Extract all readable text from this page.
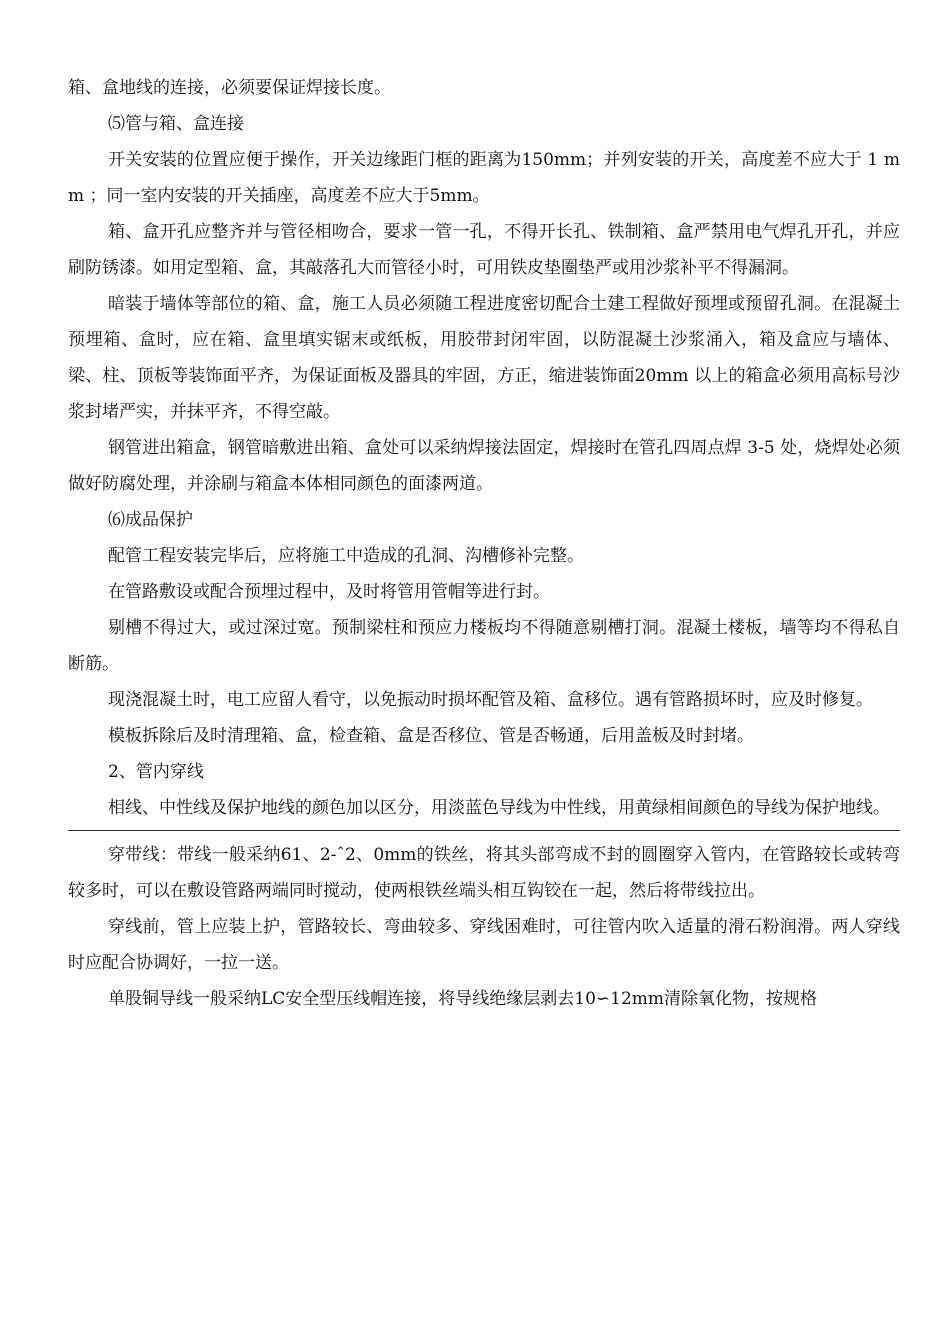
箱、盒地线的连接，必须要保证焊接长度。

⑸管与箱、盒连接

开关安装的位置应便于操作，开关边缘距门框的距离为150mm；并列安装的开关，高度差不应大于 1 mm ；同一室内安装的开关插座，高度差不应大于5mm。

箱、盒开孔应整齐并与管径相吻合，要求一管一孔，不得开长孔、铁制箱、盒严禁用电气焊孔开孔，并应刷防锈漆。如用定型箱、盒，其敲落孔大而管径小时，可用铁皮垫圈垫严或用沙浆补平不得漏洞。

暗装于墙体等部位的箱、盒，施工人员必须随工程进度密切配合土建工程做好预埋或预留孔洞。在混凝土预埋箱、盒时，应在箱、盒里填实锯末或纸板，用胶带封闭牢固，以防混凝土沙浆涌入，箱及盒应与墙体、梁、柱、顶板等装饰面平齐，为保证面板及器具的牢固，方正，缩进装饰面20mm 以上的箱盒必须用高标号沙浆封堵严实，并抹平齐，不得空敲。

钢管进出箱盒，钢管暗敷进出箱、盒处可以采纳焊接法固定，焊接时在管孔四周点焊 3-5 处，烧焊处必须做好防腐处理，并涂刷与箱盒本体相同颜色的面漆两道。

⑹成品保护

配管工程安装完毕后，应将施工中造成的孔洞、沟槽修补完整。

在管路敷设或配合预埋过程中，及时将管用管帽等进行封。

剔槽不得过大，或过深过宽。预制梁柱和预应力楼板均不得随意剔槽打洞。混凝土楼板，墙等均不得私自断筋。

现浇混凝土时，电工应留人看守，以免振动时损坏配管及箱、盒移位。遇有管路损坏时，应及时修复。

模板拆除后及时清理箱、盒，检查箱、盒是否移位、管是否畅通，后用盖板及时封堵。

2、管内穿线

相线、中性线及保护地线的颜色加以区分，用淡蓝色导线为中性线，用黄绿相间颜色的导线为保护地线。

穿带线：带线一般采纳61、2-ˆ2、0mm的铁丝，将其头部弯成不封的圆圈穿入管内，在管路较长或转弯较多时，可以在敷设管路两端同时搅动，使两根铁丝端头相互钩铰在一起，然后将带线拉出。

穿线前，管上应装上护，管路较长、弯曲较多、穿线困难时，可往管内吹入适量的滑石粉润滑。两人穿线时应配合协调好，一拉一送。

单股铜导线一般采纳LC安全型压线帽连接，将导线绝缘层剥去10∽12mm清除氧化物，按规格
